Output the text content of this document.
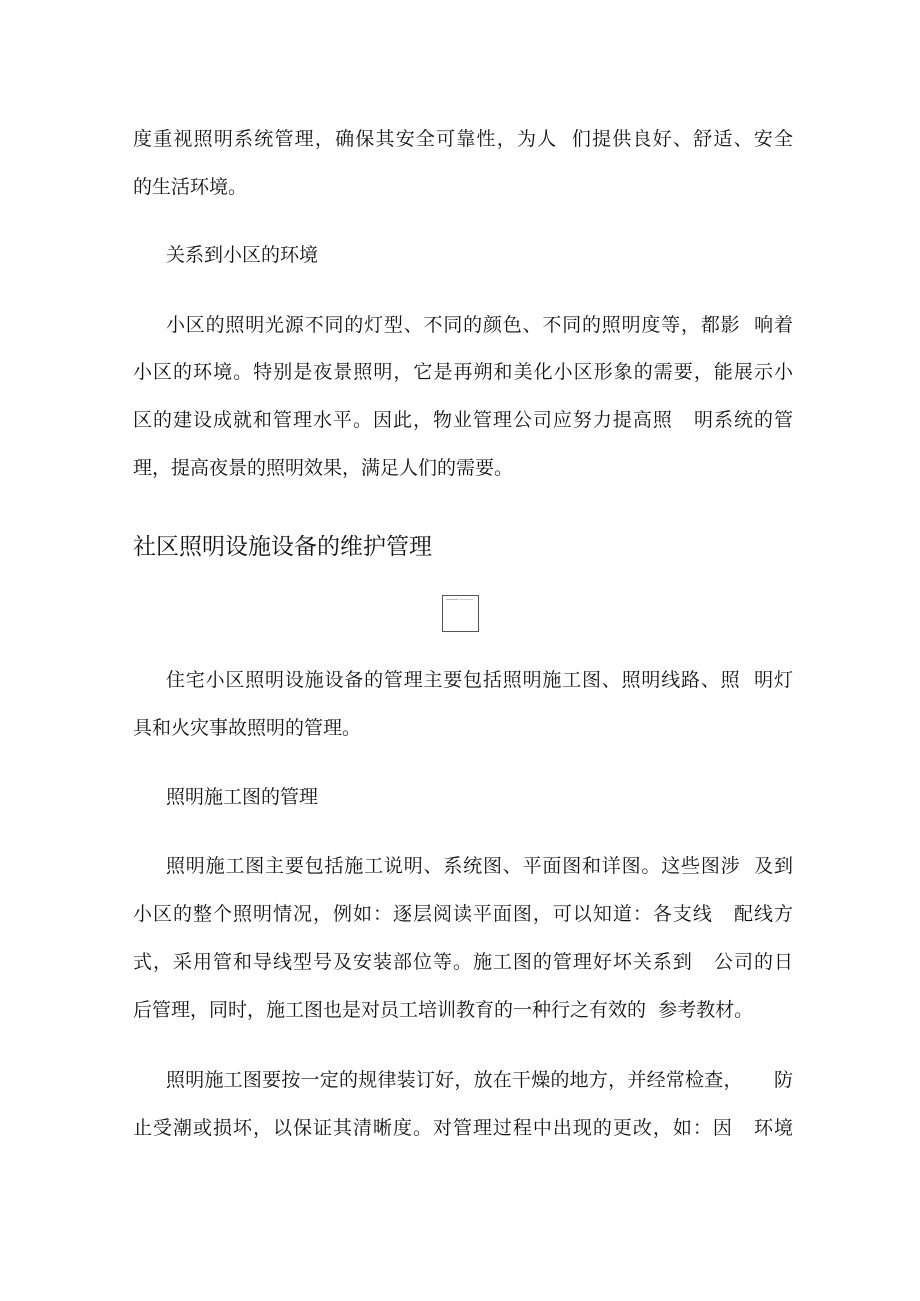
度重视照明系统管理，确保其安全可靠性，为人  们提供良好、舒适、安全
的生活环境。
关系到小区的环境
小区的照明光源不同的灯型、不同的颜色、不同的照明度等，都影  响着
小区的环境。特别是夜景照明，它是再朔和美化小区形象的需要，能展示小
区的建设成就和管理水平。因此，物业管理公司应努力提高照   明系统的管
理，提高夜景的照明效果，满足人们的需要。
社区照明设施设备的维护管理
住宅小区照明设施设备的管理主要包括照明施工图、照明线路、照  明灯
具和火灾事故照明的管理。
照明施工图的管理
照明施工图主要包括施工说明、系统图、平面图和详图。这些图涉  及到
小区的整个照明情况，例如：逐层阅读平面图，可以知道：各支线   配线方
式，采用管和导线型号及安装部位等。施工图的管理好坏关系到   公司的日
后管理，同时，施工图也是对员工培训教育的一种行之有效的  参考教材。
照明施工图要按一定的规律装订好，放在干燥的地方，并经常检查，     防
止受潮或损坏，以保证其清晰度。对管理过程中出现的更改，如：因   环境
